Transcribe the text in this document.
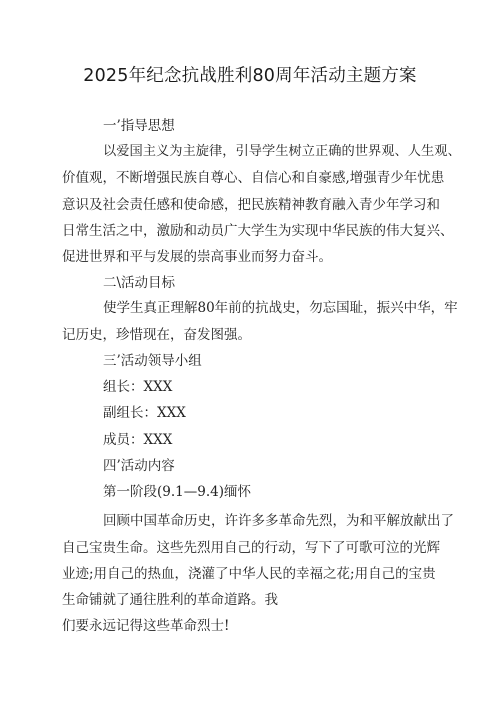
2025年纪念抗战胜利80周年活动主题方案
一’指导思想
以爱国主义为主旋律，引导学生树立正确的世界观、人生观、
价值观，不断增强民族自尊心、自信心和自豪感,增强青少年忧患
意识及社会责任感和使命感，把民族精神教育融入青少年学习和
日常生活之中，激励和动员广大学生为实现中华民族的伟大复兴、
促进世界和平与发展的崇高事业而努力奋斗。
二\活动目标
使学生真正理解80年前的抗战史，勿忘国耻，振兴中华，牢
记历史，珍惜现在，奋发图强。
三’活动领导小组
组长：XXX
副组长：XXX
成员：XXX
四’活动内容
第一阶段(9.1—9.4)缅怀
回顾中国革命历史，许许多多革命先烈，为和平解放献出了
自己宝贵生命。这些先烈用自己的行动，写下了可歌可泣的光辉
业迹;用自己的热血，浇灌了中华人民的幸福之花;用自己的宝贵
生命铺就了通往胜利的革命道路。我
们要永远记得这些革命烈士!
